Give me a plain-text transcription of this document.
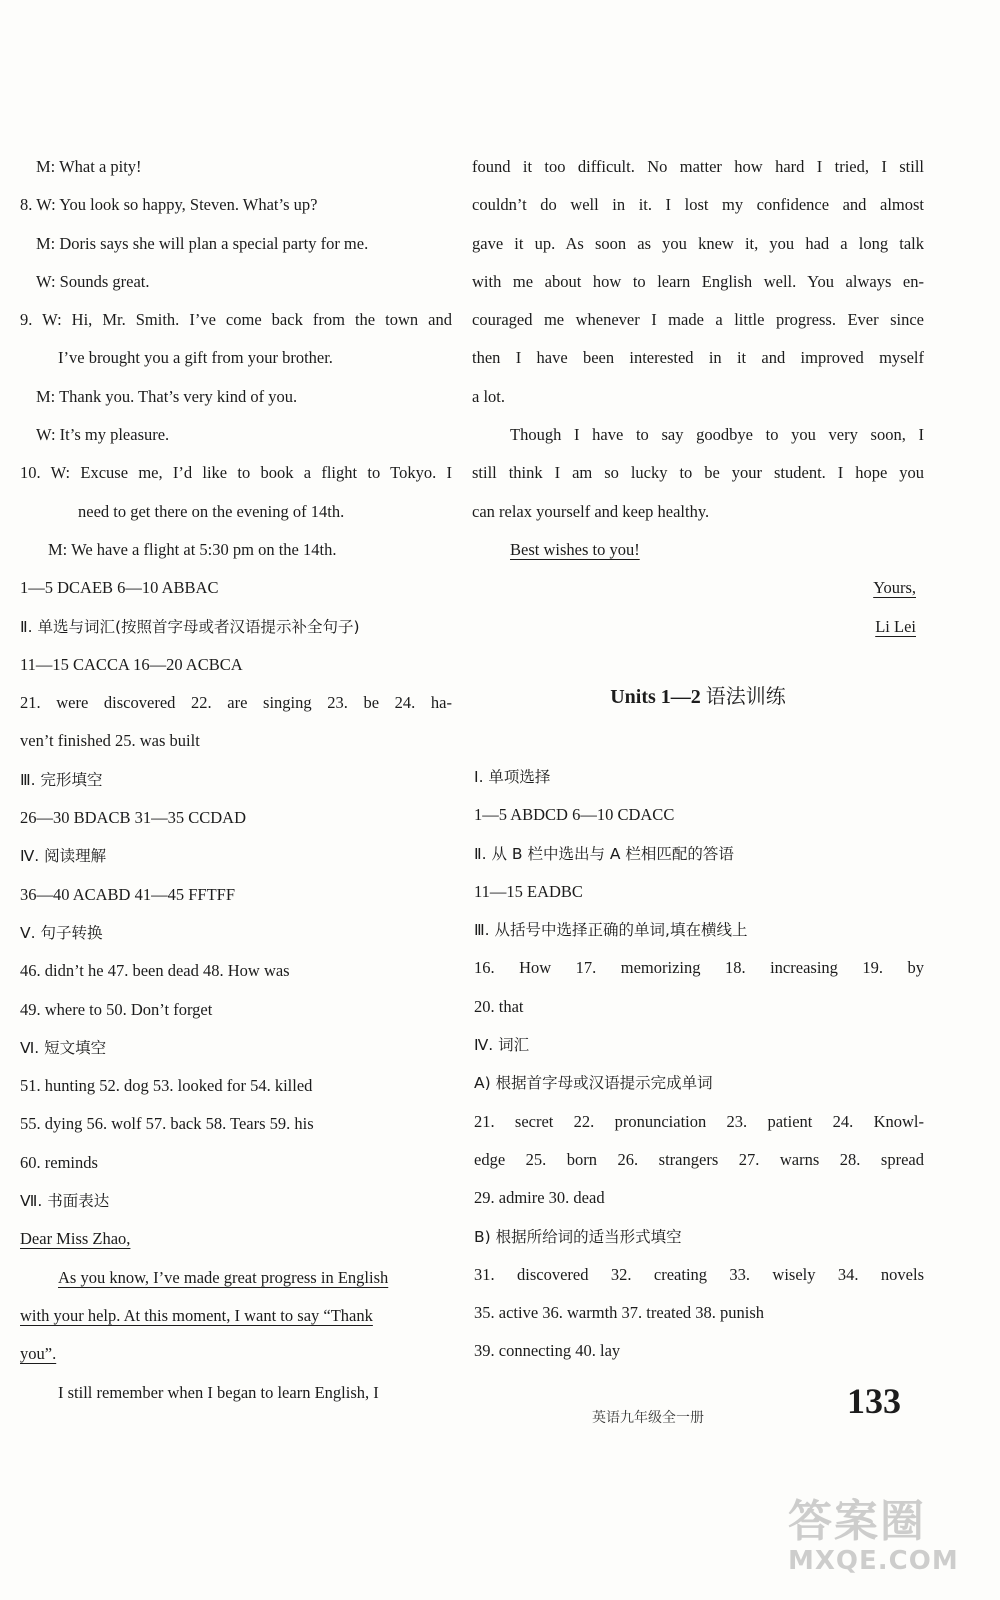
M: What a pity!
8. W: You look so happy, Steven. What’s up?
M: Doris says she will plan a special party for me.
W: Sounds great.
9. W: Hi, Mr. Smith. I’ve come back from the town and
I’ve brought you a gift from your brother.
M: Thank you. That’s very kind of you.
W: It’s my pleasure.
10. W: Excuse me, I’d like to book a flight to Tokyo. I
need to get there on the evening of 14th.
M: We have a flight at 5:30 pm on the 14th.
1—5 DCAEB 6—10 ABBAC
Ⅱ. 单选与词汇(按照首字母或者汉语提示补全句子)
11—15 CACCA 16—20 ACBCA
21. were discovered 22. are singing 23. be 24. ha-
ven’t finished 25. was built
Ⅲ. 完形填空
26—30 BDACB 31—35 CCDAD
Ⅳ. 阅读理解
36—40 ACABD 41—45 FFTFF
Ⅴ. 句子转换
46. didn’t he 47. been dead 48. How was
49. where to 50. Don’t forget
Ⅵ. 短文填空
51. hunting 52. dog 53. looked for 54. killed
55. dying 56. wolf 57. back 58. Tears 59. his
60. reminds
Ⅶ. 书面表达
Dear Miss Zhao,
As you know, I’ve made great progress in English
with your help. At this moment, I want to say “Thank
you”.
I still remember when I began to learn English, I
found it too difficult. No matter how hard I tried, I still
couldn’t do well in it. I lost my confidence and almost
gave it up. As soon as you knew it, you had a long talk
with me about how to learn English well. You always en-
couraged me whenever I made a little progress. Ever since
then I have been interested in it and improved myself
a lot.
Though I have to say goodbye to you very soon, I
still think I am so lucky to be your student. I hope you
can relax yourself and keep healthy.
Best wishes to you!
Yours,
Li Lei
Units 1—2 语法训练
Ⅰ. 单项选择
1—5 ABDCD 6—10 CDACC
Ⅱ. 从 B 栏中选出与 A 栏相匹配的答语
11—15 EADBC
Ⅲ. 从括号中选择正确的单词,填在横线上
16. How 17. memorizing 18. increasing 19. by
20. that
Ⅳ. 词汇
A) 根据首字母或汉语提示完成单词
21. secret 22. pronunciation 23. patient 24. Knowl-
edge 25. born 26. strangers 27. warns 28. spread
29. admire 30. dead
B) 根据所给词的适当形式填空
31. discovered 32. creating 33. wisely 34. novels
35. active 36. warmth 37. treated 38. punish
39. connecting 40. lay
英语九年级全一册	133
答案圈
MXQE.COM
